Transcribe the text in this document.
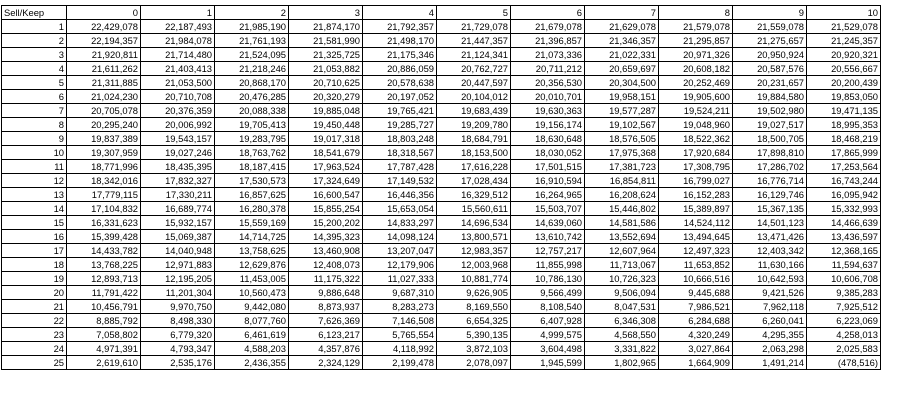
Sell/Keep	0	1	2	3	4	5	6	7	8	9	10
1	22,429,078	22,187,493	21,985,190	21,874,170	21,792,357	21,729,078	21,679,078	21,629,078	21,579,078	21,559,078	21,529,078
2	22,194,357	21,984,078	21,761,193	21,581,990	21,498,170	21,447,357	21,396,857	21,346,357	21,295,857	21,275,657	21,245,357
3	21,920,811	21,714,480	21,524,095	21,325,725	21,175,346	21,124,341	21,073,336	21,022,331	20,971,326	20,950,924	20,920,321
4	21,611,262	21,403,413	21,218,246	21,053,882	20,886,059	20,762,727	20,711,212	20,659,697	20,608,182	20,587,576	20,556,667
5	21,311,885	21,053,500	20,868,170	20,710,625	20,578,638	20,447,597	20,356,530	20,304,500	20,252,469	20,231,657	20,200,439
6	21,024,230	20,710,708	20,476,285	20,320,279	20,197,052	20,104,012	20,010,701	19,958,151	19,905,600	19,884,580	19,853,050
7	20,705,078	20,376,359	20,088,338	19,885,048	19,765,421	19,683,439	19,630,363	19,577,287	19,524,211	19,502,980	19,471,135
8	20,295,240	20,006,992	19,705,413	19,450,448	19,285,727	19,209,780	19,156,174	19,102,567	19,048,960	19,027,517	18,995,353
9	19,837,389	19,543,157	19,283,795	19,017,318	18,803,248	18,684,791	18,630,648	18,576,505	18,522,362	18,500,705	18,468,219
10	19,307,959	19,027,246	18,763,762	18,541,679	18,318,567	18,153,500	18,030,052	17,975,368	17,920,684	17,898,810	17,865,999
11	18,771,996	18,435,395	18,187,415	17,963,524	17,787,428	17,616,228	17,501,515	17,381,723	17,308,795	17,286,702	17,253,564
12	18,342,016	17,832,327	17,530,573	17,324,649	17,149,532	17,028,434	16,910,594	16,854,811	16,799,027	16,776,714	16,743,244
13	17,779,115	17,330,211	16,857,625	16,600,547	16,446,356	16,329,512	16,264,965	16,208,624	16,152,283	16,129,746	16,095,942
14	17,104,832	16,689,774	16,280,378	15,855,254	15,653,054	15,560,611	15,503,707	15,446,802	15,389,897	15,367,135	15,332,993
15	16,331,623	15,932,157	15,559,169	15,200,202	14,833,297	14,696,534	14,639,060	14,581,586	14,524,112	14,501,123	14,466,639
16	15,399,428	15,069,387	14,714,725	14,395,323	14,098,124	13,800,571	13,610,742	13,552,694	13,494,645	13,471,426	13,436,597
17	14,433,782	14,040,948	13,758,625	13,460,908	13,207,047	12,983,357	12,757,217	12,607,964	12,497,323	12,403,342	12,368,165
18	13,768,225	12,971,883	12,629,876	12,408,073	12,179,906	12,003,968	11,855,998	11,713,067	11,653,852	11,630,166	11,594,637
19	12,893,713	12,195,205	11,453,005	11,175,322	11,027,333	10,881,774	10,786,130	10,726,323	10,666,516	10,642,593	10,606,708
20	11,791,422	11,201,304	10,560,473	9,886,648	9,687,310	9,626,905	9,566,499	9,506,094	9,445,688	9,421,526	9,385,283
21	10,456,791	9,970,750	9,442,080	8,873,937	8,283,273	8,169,550	8,108,540	8,047,531	7,986,521	7,962,118	7,925,512
22	8,885,792	8,498,330	8,077,760	7,626,369	7,146,508	6,654,325	6,407,928	6,346,308	6,284,688	6,260,041	6,223,069
23	7,058,802	6,779,320	6,461,619	6,123,217	5,765,554	5,390,135	4,999,575	4,568,550	4,320,249	4,295,355	4,258,013
24	4,971,391	4,793,347	4,588,203	4,357,876	4,118,992	3,872,103	3,604,498	3,331,822	3,027,864	2,063,298	2,025,583
25	2,619,610	2,535,176	2,436,355	2,324,129	2,199,478	2,078,097	1,945,599	1,802,965	1,664,909	1,491,214	(478,516)
